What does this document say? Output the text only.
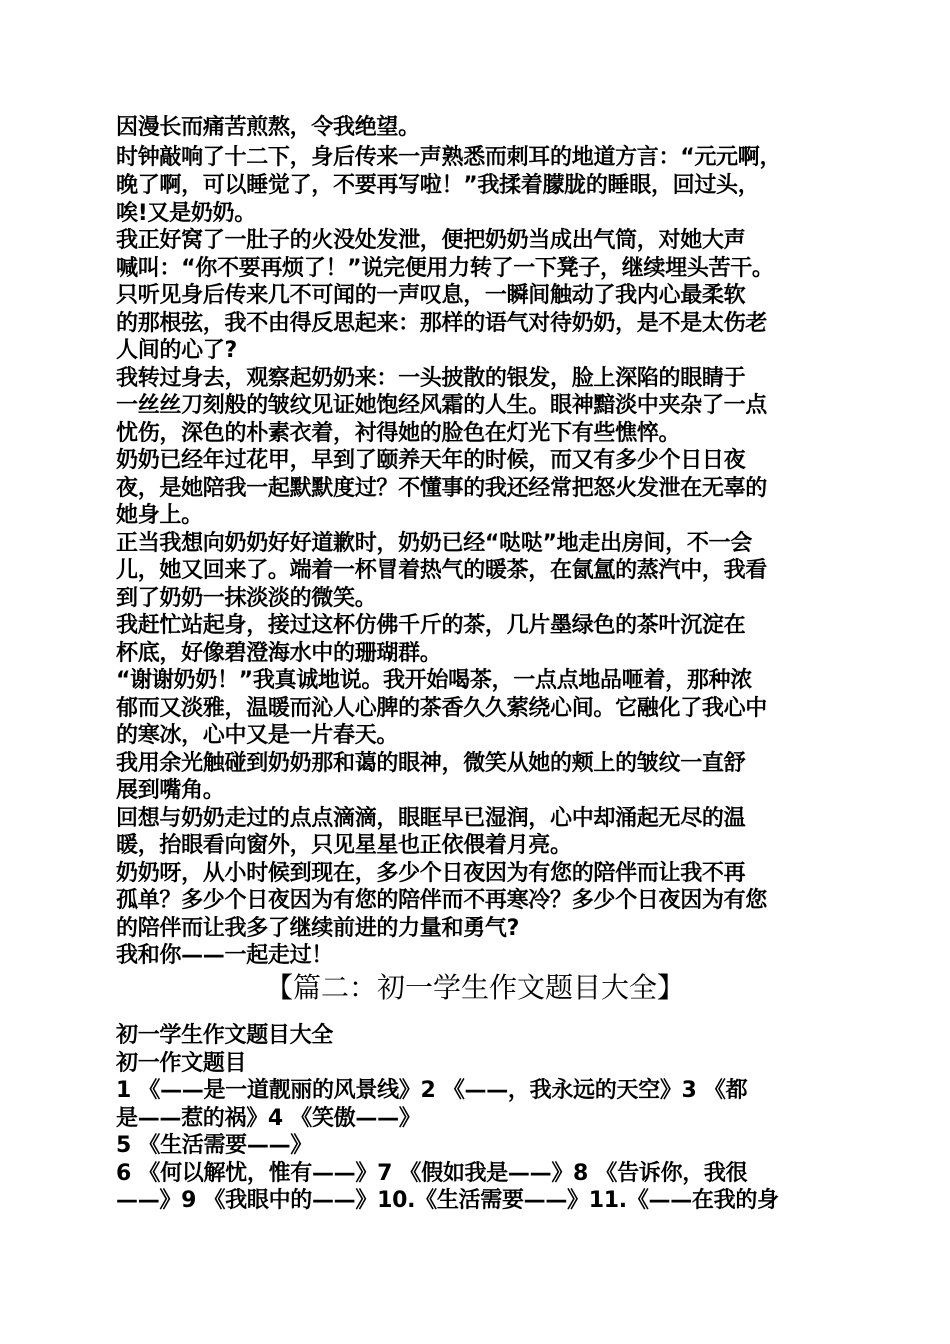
因漫长而痛苦煎熬，令我绝望。
时钟敲响了十二下，身后传来一声熟悉而刺耳的地道方言：“元元啊，
晚了啊，可以睡觉了，不要再写啦！”我揉着朦胧的睡眼，回过头，
唉!又是奶奶。
我正好窝了一肚子的火没处发泄，便把奶奶当成出气筒，对她大声
喊叫：“你不要再烦了！”说完便用力转了一下凳子，继续埋头苦干。
只听见身后传来几不可闻的一声叹息，一瞬间触动了我内心最柔软
的那根弦，我不由得反思起来：那样的语气对待奶奶，是不是太伤老
人间的心了?
我转过身去，观察起奶奶来：一头披散的银发，脸上深陷的眼睛于
一丝丝刀刻般的皱纹见证她饱经风霜的人生。眼神黯淡中夹杂了一点
忧伤，深色的朴素衣着，衬得她的脸色在灯光下有些憔悴。
奶奶已经年过花甲，早到了颐养天年的时候，而又有多少个日日夜
夜，是她陪我一起默默度过？不懂事的我还经常把怒火发泄在无辜的
她身上。
正当我想向奶奶好好道歉时，奶奶已经“哒哒”地走出房间，不一会
儿，她又回来了。端着一杯冒着热气的暖茶，在氤氲的蒸汽中，我看
到了奶奶一抹淡淡的微笑。
我赶忙站起身，接过这杯仿佛千斤的茶，几片墨绿色的茶叶沉淀在
杯底，好像碧澄海水中的珊瑚群。
“谢谢奶奶！”我真诚地说。我开始喝茶，一点点地品咂着，那种浓
郁而又淡雅，温暖而沁人心脾的茶香久久萦绕心间。它融化了我心中
的寒冰，心中又是一片春天。
我用余光触碰到奶奶那和蔼的眼神，微笑从她的颊上的皱纹一直舒
展到嘴角。
回想与奶奶走过的点点滴滴，眼眶早已湿润，心中却涌起无尽的温
暖，抬眼看向窗外，只见星星也正依偎着月亮。
奶奶呀，从小时候到现在，多少个日夜因为有您的陪伴而让我不再
孤单？多少个日夜因为有您的陪伴而不再寒冷？多少个日夜因为有您
的陪伴而让我多了继续前进的力量和勇气?
我和你——一起走过！
【篇二：初一学生作文题目大全】
初一学生作文题目大全
初一作文题目
1 《——是一道靓丽的风景线》2 《——，我永远的天空》3 《都
是——惹的祸》4 《笑傲——》
5 《生活需要——》
6 《何以解忧，惟有——》7 《假如我是——》8 《告诉你，我很
——》9 《我眼中的——》10.《生活需要——》11.《——在我的身
